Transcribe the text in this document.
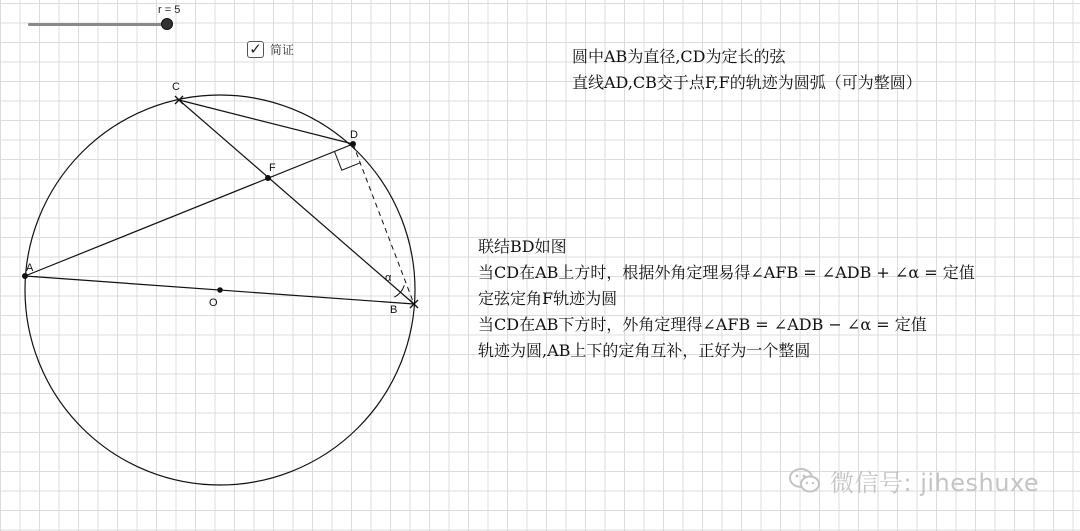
r = 5
✓ 简证
A
B
C
D
F
O
α
圆中AB为直径,CD为定长的弦
直线AD,CB交于点F,F的轨迹为圆弧（可为整圆）
联结BD如图
当CD在AB上方时，根据外角定理易得∠AFB = ∠ADB + ∠α = 定值
定弦定角F轨迹为圆
当CD在AB下方时，外角定理得∠AFB = ∠ADB − ∠α = 定值
轨迹为圆,AB上下的定角互补，正好为一个整圆
微信号: jiheshuxe
